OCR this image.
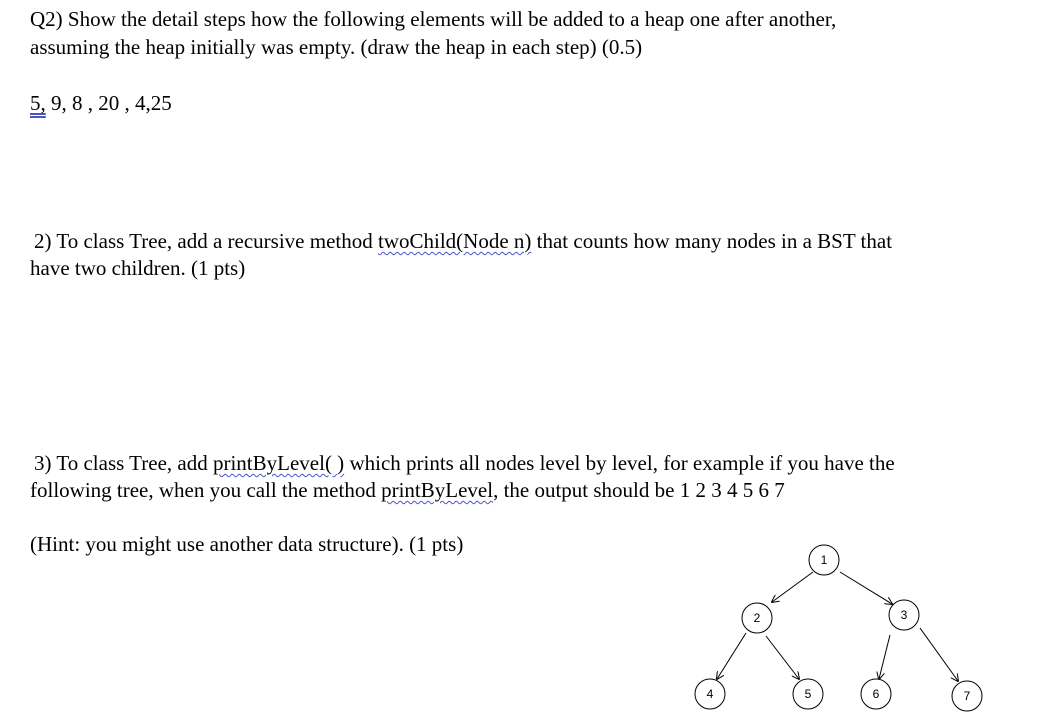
Q2) Show the detail steps how the following elements will be added to a heap one after another,
assuming the heap initially was empty. (draw the heap in each step) (0.5)
5, 9, 8 , 20 , 4,25
2) To class Tree, add a recursive method twoChild(Node n) that counts how many nodes in a BST that
have two children. (1 pts)
3) To class Tree, add printByLevel( ) which prints all nodes level by level, for example if you have the
following tree, when you call the method printByLevel, the output should be 1 2 3 4 5 6 7
(Hint: you might use another data structure). (1 pts)
1
2	3
4	5	6	7
